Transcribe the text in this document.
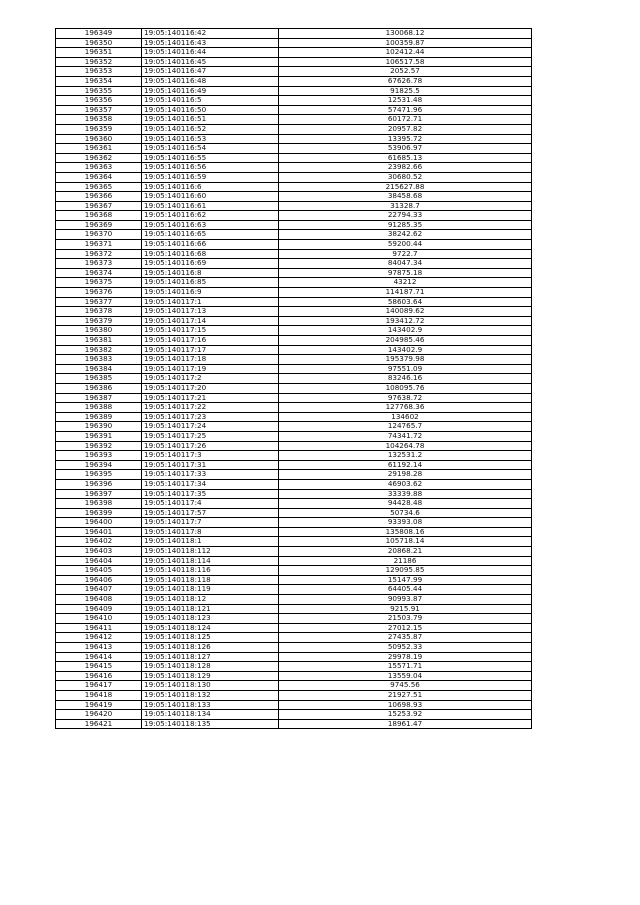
196349	19:05:140116:42	130068.12
196350	19:05:140116:43	100359.87
196351	19:05:140116:44	102412.44
196352	19:05:140116:45	106517.58
196353	19:05:140116:47	2052.57
196354	19:05:140116:48	67626.78
196355	19:05:140116:49	91825.5
196356	19:05:140116:5	12531.48
196357	19:05:140116:50	57471.96
196358	19:05:140116:51	60172.71
196359	19:05:140116:52	20957.82
196360	19:05:140116:53	13395.72
196361	19:05:140116:54	53906.97
196362	19:05:140116:55	61685.13
196363	19:05:140116:56	23982.66
196364	19:05:140116:59	30680.52
196365	19:05:140116:6	215627.88
196366	19:05:140116:60	38458.68
196367	19:05:140116:61	31328.7
196368	19:05:140116:62	22794.33
196369	19:05:140116:63	91285.35
196370	19:05:140116:65	38242.62
196371	19:05:140116:66	59200.44
196372	19:05:140116:68	9722.7
196373	19:05:140116:69	84047.34
196374	19:05:140116:8	97875.18
196375	19:05:140116:85	43212
196376	19:05:140116:9	114187.71
196377	19:05:140117:1	58603.64
196378	19:05:140117:13	140089.62
196379	19:05:140117:14	193412.72
196380	19:05:140117:15	143402.9
196381	19:05:140117:16	204985.46
196382	19:05:140117:17	143402.9
196383	19:05:140117:18	195379.98
196384	19:05:140117:19	97551.09
196385	19:05:140117:2	83246.16
196386	19:05:140117:20	108095.76
196387	19:05:140117:21	97638.72
196388	19:05:140117:22	127768.36
196389	19:05:140117:23	134602
196390	19:05:140117:24	124765.7
196391	19:05:140117:25	74341.72
196392	19:05:140117:26	104264.78
196393	19:05:140117:3	132531.2
196394	19:05:140117:31	61192.14
196395	19:05:140117:33	29198.28
196396	19:05:140117:34	46903.62
196397	19:05:140117:35	33339.88
196398	19:05:140117:4	94428.48
196399	19:05:140117:57	50734.6
196400	19:05:140117:7	93393.08
196401	19:05:140117:8	135808.16
196402	19:05:140118:1	105718.14
196403	19:05:140118:112	20868.21
196404	19:05:140118:114	21186
196405	19:05:140118:116	129095.85
196406	19:05:140118:118	15147.99
196407	19:05:140118:119	64405.44
196408	19:05:140118:12	90993.87
196409	19:05:140118:121	9215.91
196410	19:05:140118:123	21503.79
196411	19:05:140118:124	27012.15
196412	19:05:140118:125	27435.87
196413	19:05:140118:126	50952.33
196414	19:05:140118:127	29978.19
196415	19:05:140118:128	15571.71
196416	19:05:140118:129	13559.04
196417	19:05:140118:130	9745.56
196418	19:05:140118:132	21927.51
196419	19:05:140118:133	10698.93
196420	19:05:140118:134	15253.92
196421	19:05:140118:135	18961.47
